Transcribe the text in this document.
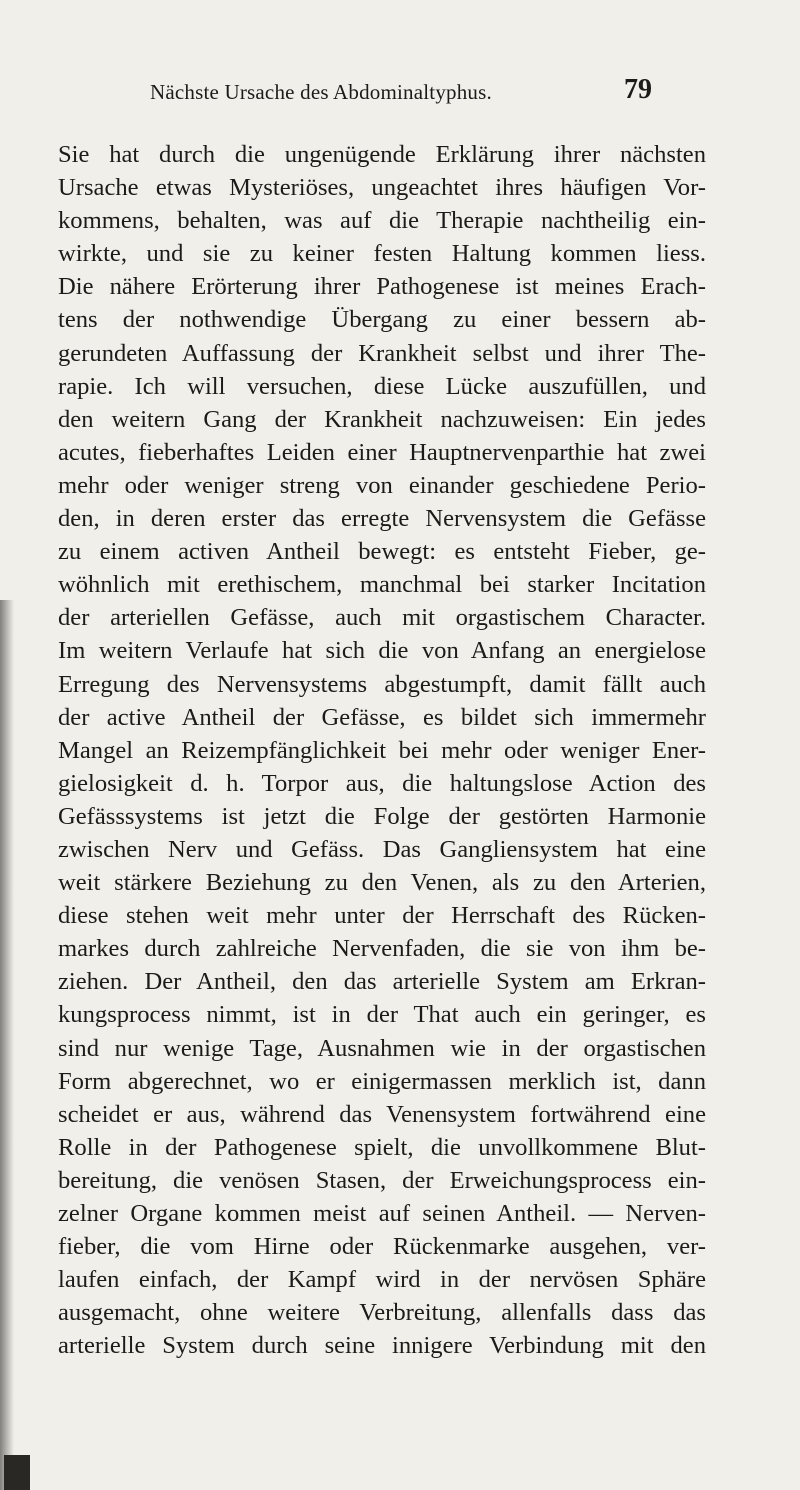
Nächste Ursache des Abdominaltyphus.	79
Sie hat durch die ungenügende Erklärung ihrer nächsten
Ursache etwas Mysteriöses, ungeachtet ihres häufigen Vor-
kommens, behalten, was auf die Therapie nachtheilig ein-
wirkte, und sie zu keiner festen Haltung kommen liess.
Die nähere Erörterung ihrer Pathogenese ist meines Erach-
tens der nothwendige Übergang zu einer bessern ab-
gerundeten Auffassung der Krankheit selbst und ihrer The-
rapie. Ich will versuchen, diese Lücke auszufüllen, und
den weitern Gang der Krankheit nachzuweisen: Ein jedes
acutes, fieberhaftes Leiden einer Hauptnervenparthie hat zwei
mehr oder weniger streng von einander geschiedene Perio-
den, in deren erster das erregte Nervensystem die Gefässe
zu einem activen Antheil bewegt: es entsteht Fieber, ge-
wöhnlich mit erethischem, manchmal bei starker Incitation
der arteriellen Gefässe, auch mit orgastischem Character.
Im weitern Verlaufe hat sich die von Anfang an energielose
Erregung des Nervensystems abgestumpft, damit fällt auch
der active Antheil der Gefässe, es bildet sich immermehr
Mangel an Reizempfänglichkeit bei mehr oder weniger Ener-
gielosigkeit d. h. Torpor aus, die haltungslose Action des
Gefässsystems ist jetzt die Folge der gestörten Harmonie
zwischen Nerv und Gefäss. Das Gangliensystem hat eine
weit stärkere Beziehung zu den Venen, als zu den Arterien,
diese stehen weit mehr unter der Herrschaft des Rücken-
markes durch zahlreiche Nervenfaden, die sie von ihm be-
ziehen. Der Antheil, den das arterielle System am Erkran-
kungsprocess nimmt, ist in der That auch ein geringer, es
sind nur wenige Tage, Ausnahmen wie in der orgastischen
Form abgerechnet, wo er einigermassen merklich ist, dann
scheidet er aus, während das Venensystem fortwährend eine
Rolle in der Pathogenese spielt, die unvollkommene Blut-
bereitung, die venösen Stasen, der Erweichungsprocess ein-
zelner Organe kommen meist auf seinen Antheil. — Nerven-
fieber, die vom Hirne oder Rückenmarke ausgehen, ver-
laufen einfach, der Kampf wird in der nervösen Sphäre
ausgemacht, ohne weitere Verbreitung, allenfalls dass das
arterielle System durch seine innigere Verbindung mit den
